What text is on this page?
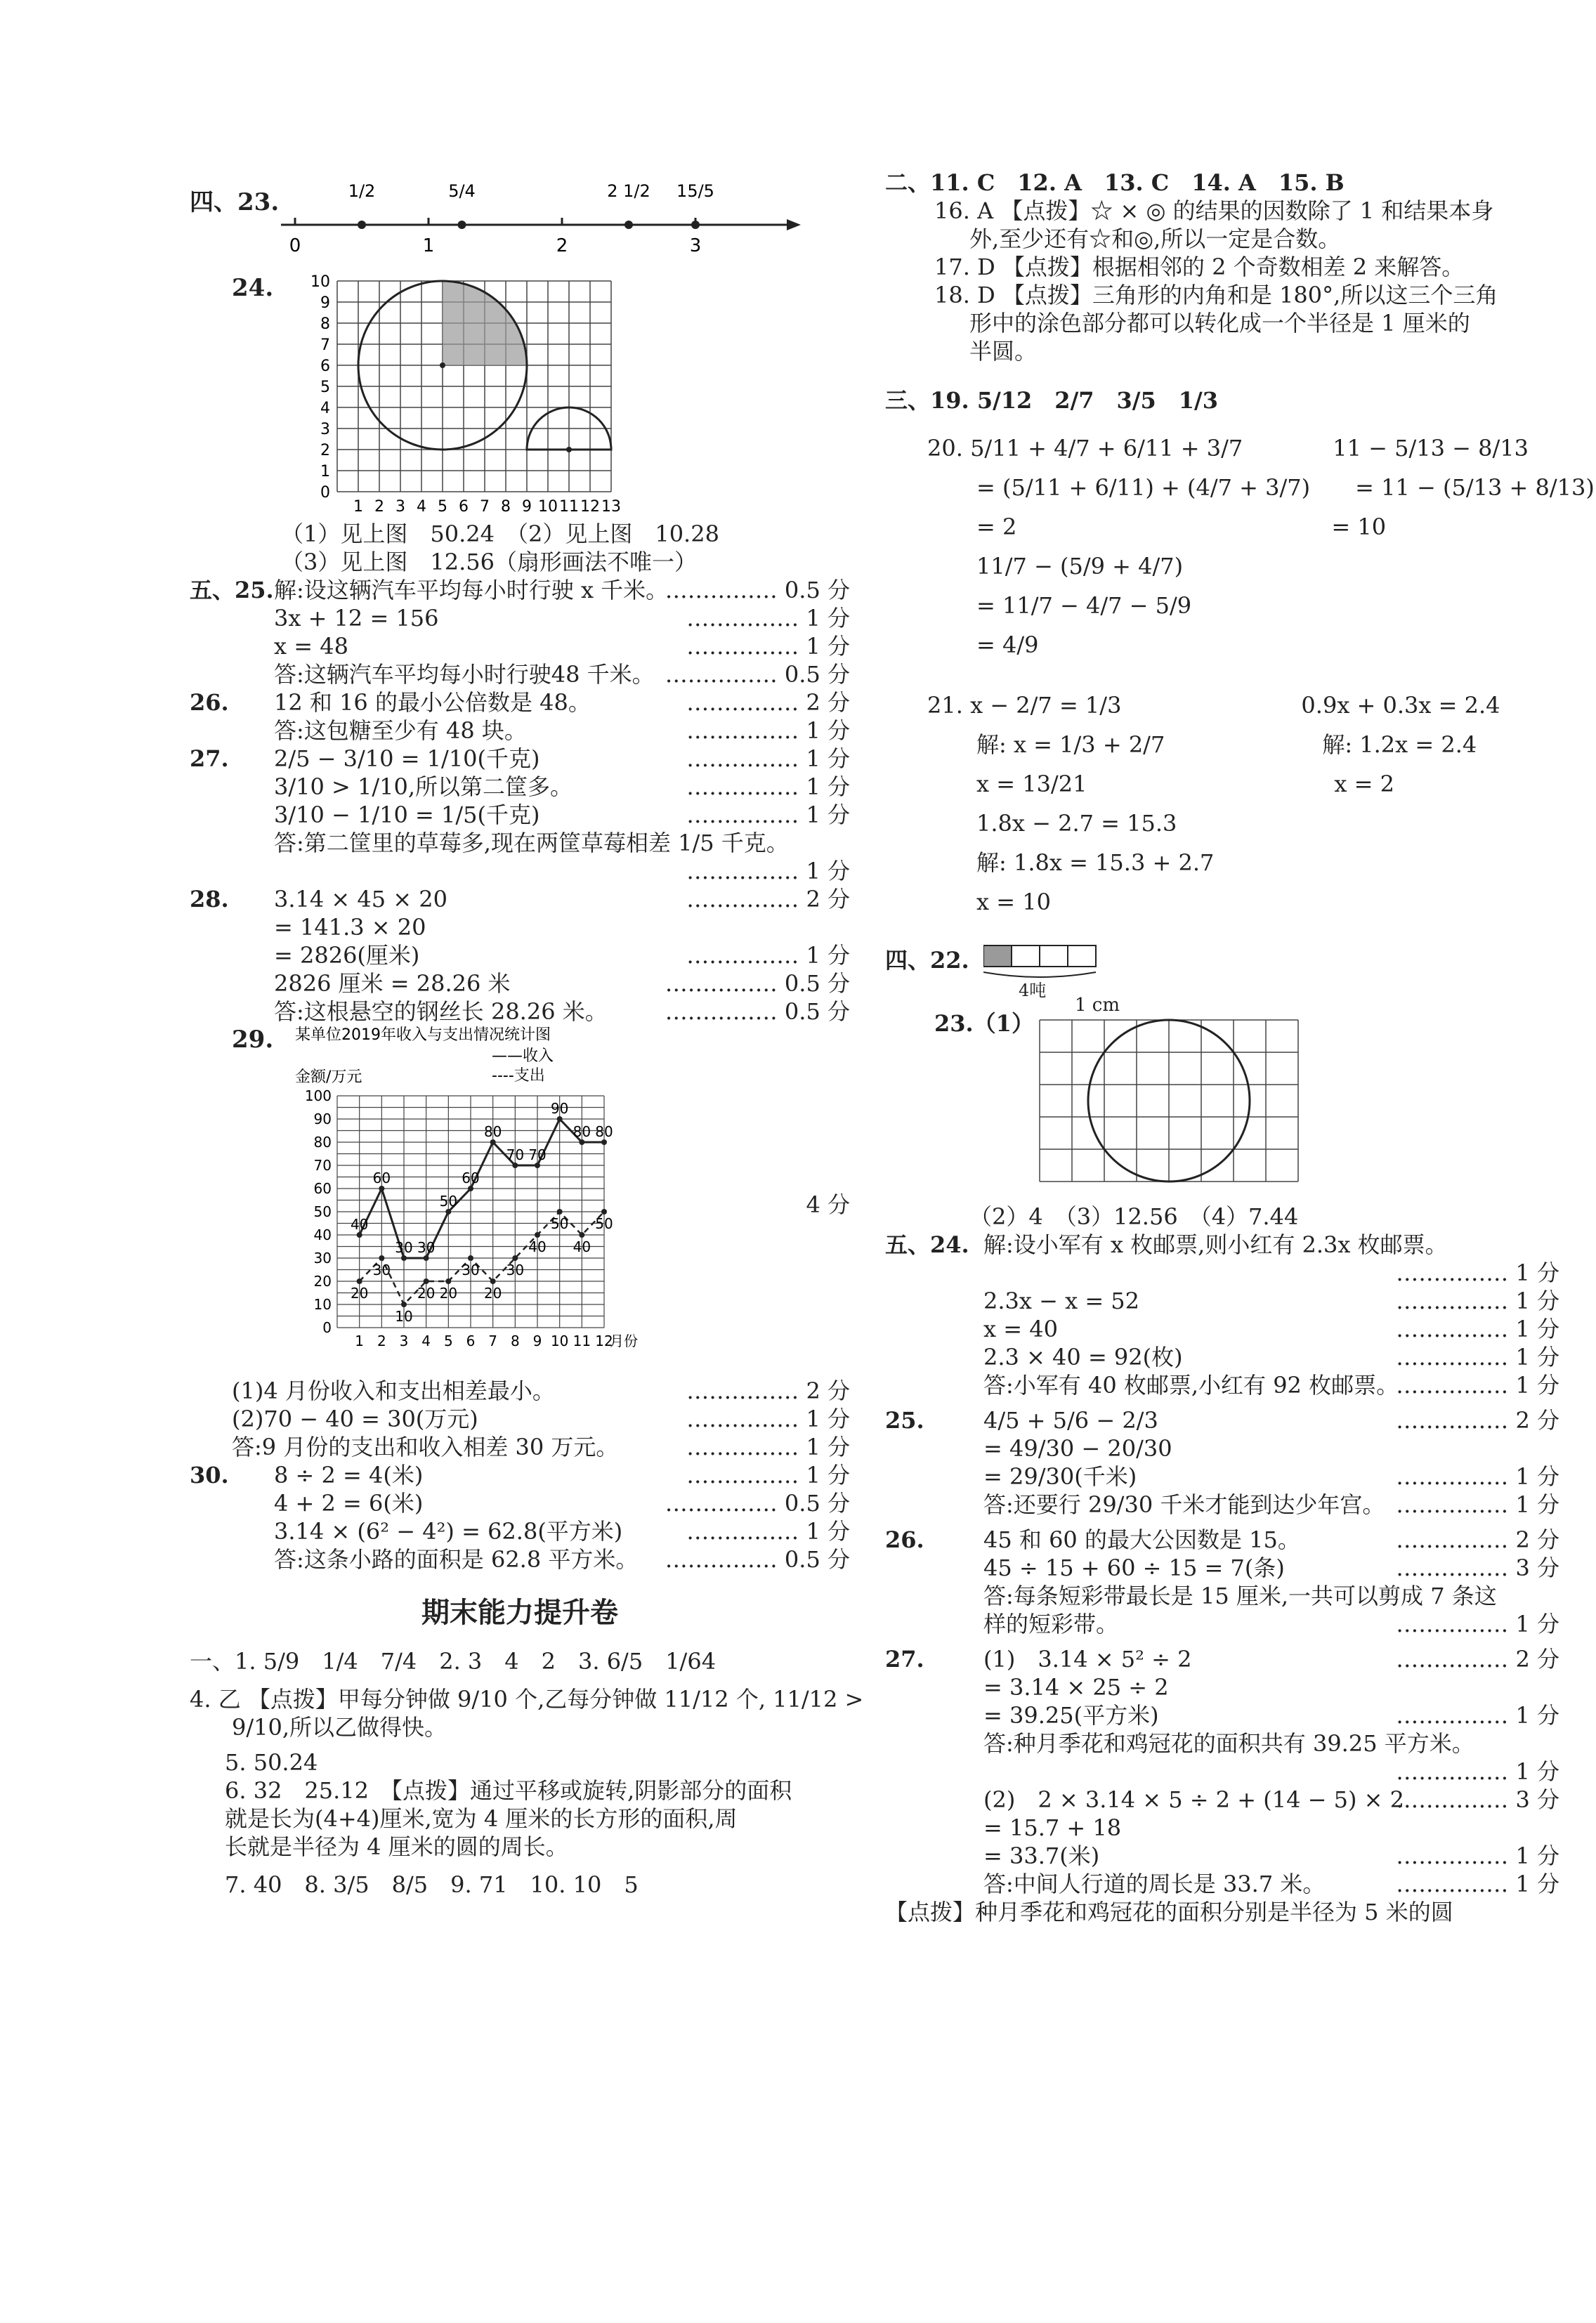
四、23.
0	1	2	3
1/2	5/4	2 1/2 15/5
24.
0
1
2
3
4
5
6
7
8
9
10
1 2 3 4 5 6 7 8 9 10 11 12 13
（1）见上图　50.24　（2）见上图　10.28
（3）见上图　12.56（扇形画法不唯一）
五、25.解:设这辆汽车平均每小时行驶 x 千米。
…………… 0.5 分
3x + 12 = 156	…………… 1 分
x = 48	…………… 1 分
答:这辆汽车平均每小时行驶48 千米。 …………… 0.5 分
26. 12 和 16 的最小公倍数是 48。	…………… 2 分
答:这包糖至少有 48 块。	…………… 1 分
27. 2/5 − 3/10 = 1/10(千克)	…………… 1 分
3/10 > 1/10,所以第二筐多。	…………… 1 分
3/10 − 1/10 = 1/5(千克)	…………… 1 分
答:第二筐里的草莓多,现在两筐草莓相差 1/5 千克。
…………… 1 分
28. 3.14 × 45 × 20	…………… 2 分
= 141.3 × 20
= 2826(厘米)	…………… 1 分
2826 厘米 = 28.26 米	…………… 0.5 分
答:这根悬空的钢丝长 28.26 米。	…………… 0.5 分
29. 某单位2019年收入与支出情况统计图
金额/万元
——收入
----支出
0
10
20
30
40
50
60
70
80
90
100
1 2 3 4 5 6 7 8 9 10 11 12
月份
40
60
30 30
50
60
80
70 70
90
80 80
20
30
10
20 20
30
20
30
40
50
40
50
4 分
(1)4 月份收入和支出相差最小。	…………… 2 分
(2)70 − 40 = 30(万元)	…………… 1 分
答:9 月份的支出和收入相差 30 万元。	…………… 1 分
30. 8 ÷ 2 = 4(米)	…………… 1 分
4 + 2 = 6(米)	…………… 0.5 分
3.14 × (6² − 4²) = 62.8(平方米)	…………… 1 分
答:这条小路的面积是 62.8 平方米。 …………… 0.5 分
期末能力提升卷
一、1. 5/9　1/4　7/4　2. 3　4　2　3. 6/5　1/64
4. 乙 【点拨】甲每分钟做 9/10 个,乙每分钟做 11/12 个, 11/12 >
9/10,所以乙做得快。
5. 50.24
6. 32　25.12　【点拨】通过平移或旋转,阴影部分的面积
就是长为(4+4)厘米,宽为 4 厘米的长方形的面积,周
长就是半径为 4 厘米的圆的周长。
7. 40　8. 3/5　8/5　9. 71　10. 10　5
二、11. C　12. A　13. C　14. A　15. B
16. A 【点拨】☆ × ◎ 的结果的因数除了 1 和结果本身
外,至少还有☆和◎,所以一定是合数。
17. D 【点拨】根据相邻的 2 个奇数相差 2 来解答。
18. D 【点拨】三角形的内角和是 180°,所以这三个三角
形中的涂色部分都可以转化成一个半径是 1 厘米的
半圆。
三、19. 5/12　2/7　3/5　1/3
20. 5/11 + 4/7 + 6/11 + 3/7　　　　11 − 5/13 − 8/13
= (5/11 + 6/11) + (4/7 + 3/7)　　= 11 − (5/13 + 8/13)
= 2　　　　　　　　　　　　　　= 10
11/7 − (5/9 + 4/7)
= 11/7 − 4/7 − 5/9
= 4/9
21. x − 2/7 = 1/3　　　　　　　　0.9x + 0.3x = 2.4
解: x = 1/3 + 2/7　　　　　　　解: 1.2x = 2.4
x = 13/21　　　　　　　　　　　x = 2
1.8x − 2.7 = 15.3
解: 1.8x = 15.3 + 2.7
x = 10
四、22.
4吨
23.（1）
1 cm
（2）4　（3）12.56　（4）7.44
五、24. 解:设小军有 x 枚邮票,则小红有 2.3x 枚邮票。
…………… 1 分
2.3x − x = 52	…………… 1 分
x = 40	…………… 1 分
2.3 × 40 = 92(枚)	…………… 1 分
答:小军有 40 枚邮票,小红有 92 枚邮票。
…………… 1 分
25.	4/5 + 5/6 − 2/3	…………… 2 分
= 49/30 − 20/30
= 29/30(千米)	…………… 1 分
答:还要行 29/30 千米才能到达少年宫。 …………… 1 分
26.	45 和 60 的最大公因数是 15。	…………… 2 分
45 ÷ 15 + 60 ÷ 15 = 7(条)	…………… 3 分
答:每条短彩带最长是 15 厘米,一共可以剪成 7 条这
样的短彩带。	…………… 1 分
27.	(1)　3.14 × 5² ÷ 2	…………… 2 分
= 3.14 × 25 ÷ 2
= 39.25(平方米)	…………… 1 分
答:种月季花和鸡冠花的面积共有 39.25 平方米。
…………… 1 分
(2)　2 × 3.14 × 5 ÷ 2 + (14 − 5) × 2
…………… 3 分
= 15.7 + 18
= 33.7(米)	…………… 1 分
答:中间人行道的周长是 33.7 米。	…………… 1 分
【点拨】种月季花和鸡冠花的面积分别是半径为 5 米的圆
